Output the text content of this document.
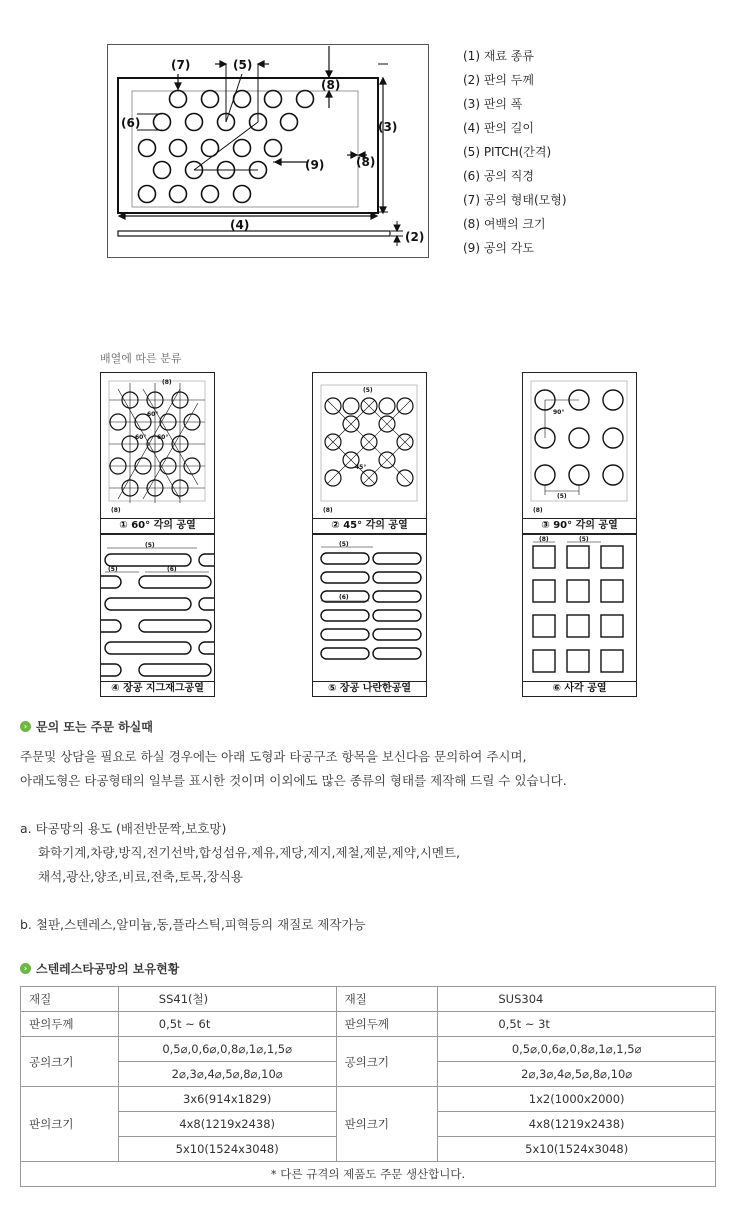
(7)	(5)
(8)
(6)	(3)
(9)	(8)
(4)
(2)
(1) 재료 종류
(2) 판의 두께
(3) 판의 폭
(4) 판의 길이
(5) PITCH(간격)
(6) 공의 직경
(7) 공의 형태(모형)
(8) 여백의 크기
(9) 공의 각도
배열에 따른 분류
(8)
60°
60°
60°
(8)
① 60° 각의 공열
(5)
45°
(8)
② 45° 각의 공열
90°
(5)
(8)
③ 90° 각의 공열
(5)
(5)	(6)
④ 장공 지그재그공열
(5)
(6)
⑤ 장공 나란한공열
(8)	(5)
⑥ 사각 공열
› 문의 또는 주문 하실때
주문및 상담을 필요로 하실 경우에는 아래 도형과 타공구조 항목을 보신다음 문의하여 주시며,
아래도형은 타공형태의 일부를 표시한 것이며 이외에도 많은 종류의 형태를 제작해 드릴 수 있습니다.
a. 타공망의 용도 (배전반문짝,보호망)
화학기계,차량,방직,전기선박,합성섬유,제유,제당,제지,제철,제분,제약,시멘트,
채석,광산,양조,비료,전축,토목,장식용
b. 철판,스텐레스,알미늄,동,플라스틱,피혁등의 재질로 제작가능
› 스텐레스타공망의 보유현황
재질	SS41(철)	재질	SUS304
판의두께	0,5t ~ 6t	판의두께	0,5t ~ 3t
공의크기	0,5⌀,0,6⌀,0,8⌀,1⌀,1,5⌀	공의크기	0,5⌀,0,6⌀,0,8⌀,1⌀,1,5⌀
	2⌀,3⌀,4⌀,5⌀,8⌀,10⌀		2⌀,3⌀,4⌀,5⌀,8⌀,10⌀
판의크기	3x6(914x1829)	판의크기	1x2(1000x2000)
	4x8(1219x2438)		4x8(1219x2438)
	5x10(1524x3048)		5x10(1524x3048)
* 다른 규격의 제품도 주문 생산합니다.			
